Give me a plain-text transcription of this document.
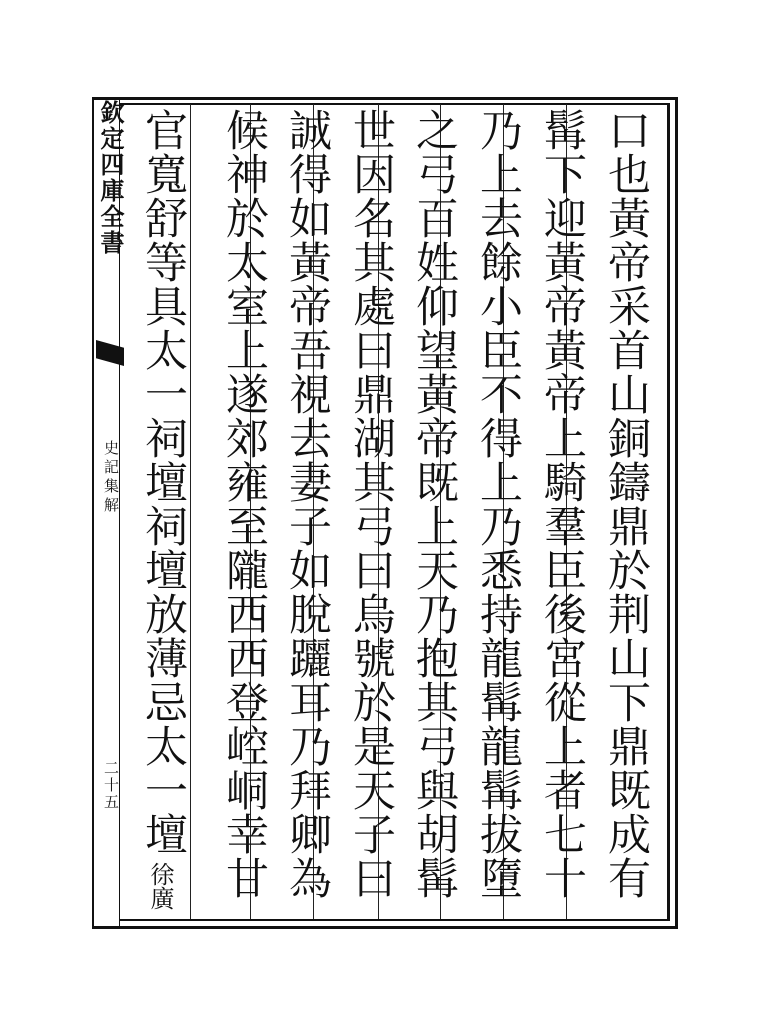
欽定四庫全書
史記集解
二十五
口也黃帝采首山銅鑄鼎於荆山下鼎既成有
髯下迎黃帝黃帝上騎羣臣後宮從上者七十
乃上去餘小臣不得上乃悉持龍髯龍髯拔墮
之弓百姓仰望黃帝既上天乃抱其弓與胡髯
世因名其處曰鼎湖其弓曰烏號於是天子曰
誠得如黃帝吾視去妻子如脫躧耳乃拜卿為
候神於太室上遂郊雍至隴西西登崆峒幸甘
官寬舒等具太一祠壇祠壇放薄忌太一壇
徐廣
